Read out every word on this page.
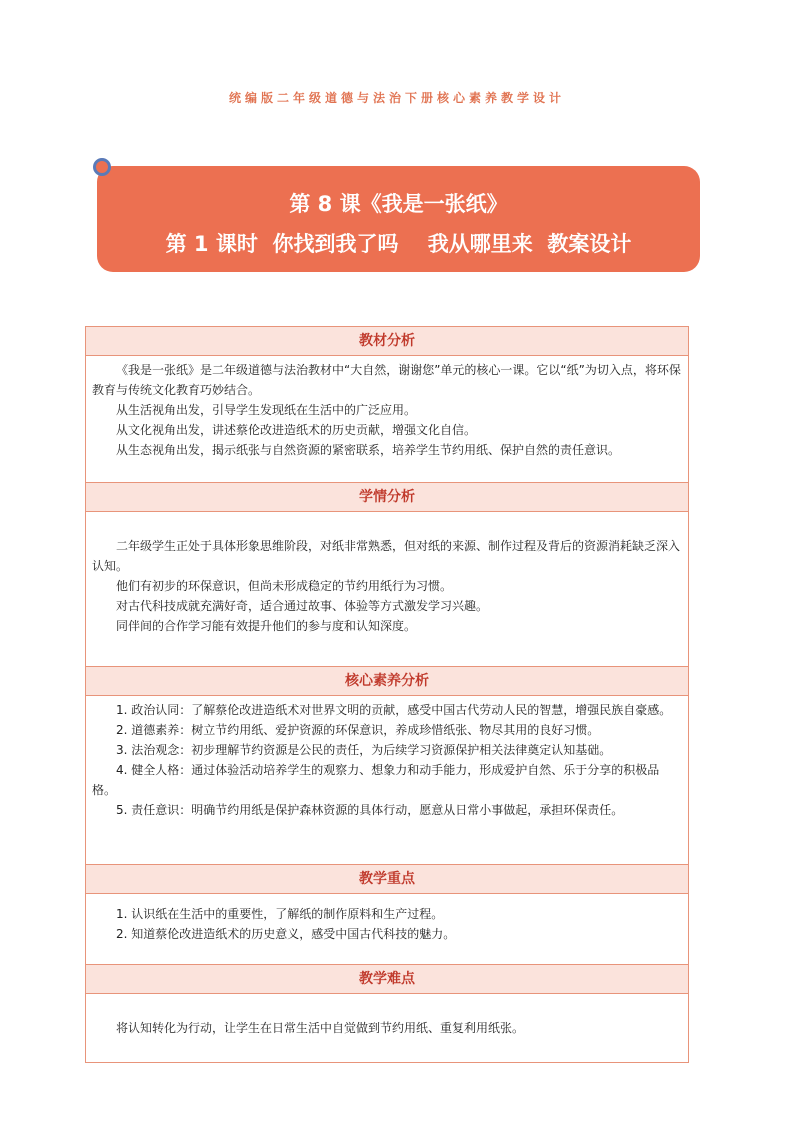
统编版二年级道德与法治下册核心素养教学设计
第 8 课《我是一张纸》
第 1 课时  你找到我了吗    我从哪里来  教案设计
教材分析

《我是一张纸》是二年级道德与法治教材中“大自然，谢谢您”单元的核心一课。它以“纸”为切入点，将环保教育与传统文化教育巧妙结合。

从生活视角出发，引导学生发现纸在生活中的广泛应用。

从文化视角出发，讲述蔡伦改进造纸术的历史贡献，增强文化自信。

从生态视角出发，揭示纸张与自然资源的紧密联系，培养学生节约用纸、保护自然的责任意识。

学情分析

二年级学生正处于具体形象思维阶段，对纸非常熟悉，但对纸的来源、制作过程及背后的资源消耗缺乏深入认知。

他们有初步的环保意识，但尚未形成稳定的节约用纸行为习惯。

对古代科技成就充满好奇，适合通过故事、体验等方式激发学习兴趣。

同伴间的合作学习能有效提升他们的参与度和认知深度。

核心素养分析

1. 政治认同：了解蔡伦改进造纸术对世界文明的贡献，感受中国古代劳动人民的智慧，增强民族自豪感。

2. 道德素养：树立节约用纸、爱护资源的环保意识，养成珍惜纸张、物尽其用的良好习惯。

3. 法治观念：初步理解节约资源是公民的责任，为后续学习资源保护相关法律奠定认知基础。

4. 健全人格：通过体验活动培养学生的观察力、想象力和动手能力，形成爱护自然、乐于分享的积极品格。

5. 责任意识：明确节约用纸是保护森林资源的具体行动，愿意从日常小事做起，承担环保责任。

教学重点

1. 认识纸在生活中的重要性，了解纸的制作原料和生产过程。

2. 知道蔡伦改进造纸术的历史意义，感受中国古代科技的魅力。

教学难点

将认知转化为行动，让学生在日常生活中自觉做到节约用纸、重复利用纸张。
